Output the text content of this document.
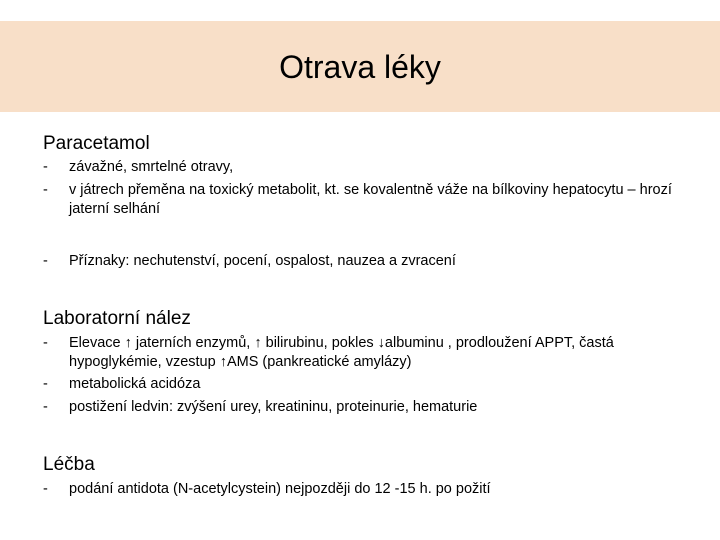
Otrava léky
Paracetamol
-	závažné, smrtelné otravy,
-	v játrech přeměna na toxický metabolit, kt. se kovalentně váže na bílkoviny hepatocytu – hrozí jaterní selhání
-	Příznaky: nechutenství, pocení, ospalost, nauzea a zvracení
Laboratorní nález
-	Elevace ↑ jaterních enzymů, ↑ bilirubinu, pokles ↓albuminu , prodloužení APPT, častá hypoglykémie, vzestup ↑AMS (pankreatické amylázy)
-	metabolická acidóza
-	postižení ledvin: zvýšení urey, kreatininu, proteinurie, hematurie
Léčba
-	podání antidota (N-acetylcystein) nejpozději do 12 -15 h. po požití
